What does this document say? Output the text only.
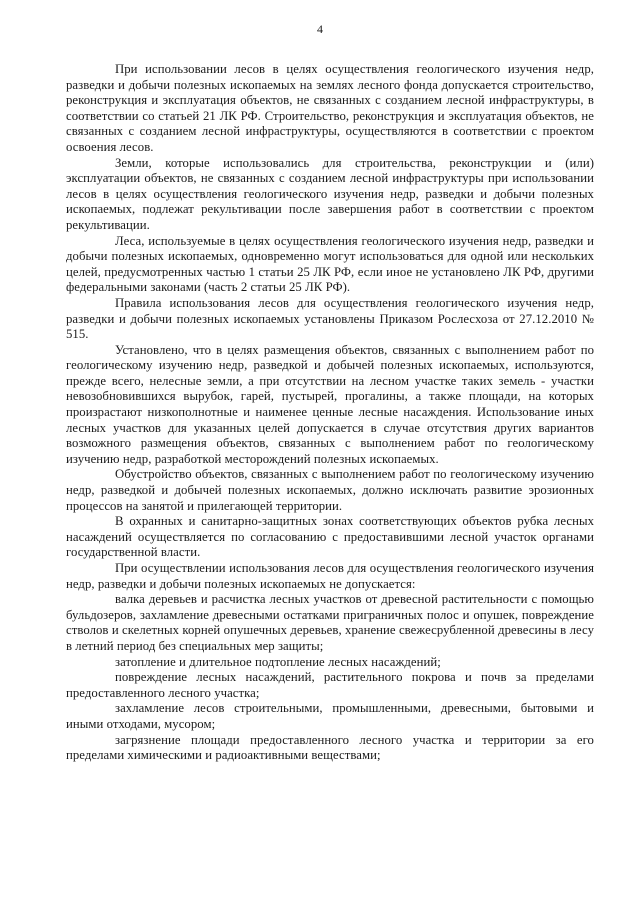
4

При использовании лесов в целях осуществления геологического изучения недр, разведки и добычи полезных ископаемых на землях лесного фонда допускается строительство, реконструкция и эксплуатация объектов, не связанных с созданием лесной инфраструктуры, в соответствии со статьей 21 ЛК РФ. Строительство, реконструкция и эксплуатация объектов, не связанных с созданием лесной инфраструктуры, осуществляются в соответствии с проектом освоения лесов.

Земли, которые использовались для строительства, реконструкции и (или) эксплуатации объектов, не связанных с созданием лесной инфраструктуры при использовании лесов в целях осуществления геологического изучения недр, разведки и добычи полезных ископаемых, подлежат рекультивации после завершения работ в соответствии с проектом рекультивации.

Леса, используемые в целях осуществления геологического изучения недр, разведки и добычи полезных ископаемых, одновременно могут использоваться для одной или нескольких целей, предусмотренных частью 1 статьи 25 ЛК РФ, если иное не установлено ЛК РФ, другими федеральными законами (часть 2 статьи 25 ЛК РФ).

Правила использования лесов для осуществления геологического изучения недр, разведки и добычи полезных ископаемых установлены Приказом Рослесхоза от 27.12.2010 № 515.

Установлено, что в целях размещения объектов, связанных с выполнением работ по геологическому изучению недр, разведкой и добычей полезных ископаемых, используются, прежде всего, нелесные земли, а при отсутствии на лесном участке таких земель - участки невозобновившихся вырубок, гарей, пустырей, прогалины, а также площади, на которых произрастают низкополнотные и наименее ценные лесные насаждения. Использование иных лесных участков для указанных целей допускается в случае отсутствия других вариантов возможного размещения объектов, связанных с выполнением работ по геологическому изучению недр, разработкой месторождений полезных ископаемых.

Обустройство объектов, связанных с выполнением работ по геологическому изучению недр, разведкой и добычей полезных ископаемых, должно исключать развитие эрозионных процессов на занятой и прилегающей территории.

В охранных и санитарно-защитных зонах соответствующих объектов рубка лесных насаждений осуществляется по согласованию с предоставившими лесной участок органами государственной власти.

При осуществлении использования лесов для осуществления геологического изучения недр, разведки и добычи полезных ископаемых не допускается:

валка деревьев и расчистка лесных участков от древесной растительности с помощью бульдозеров, захламление древесными остатками приграничных полос и опушек, повреждение стволов и скелетных корней опушечных деревьев, хранение свежесрубленной древесины в лесу в летний период без специальных мер защиты;

затопление и длительное подтопление лесных насаждений;

повреждение лесных насаждений, растительного покрова и почв за пределами предоставленного лесного участка;

захламление лесов строительными, промышленными, древесными, бытовыми и иными отходами, мусором;

загрязнение площади предоставленного лесного участка и территории за его пределами химическими и радиоактивными веществами;
